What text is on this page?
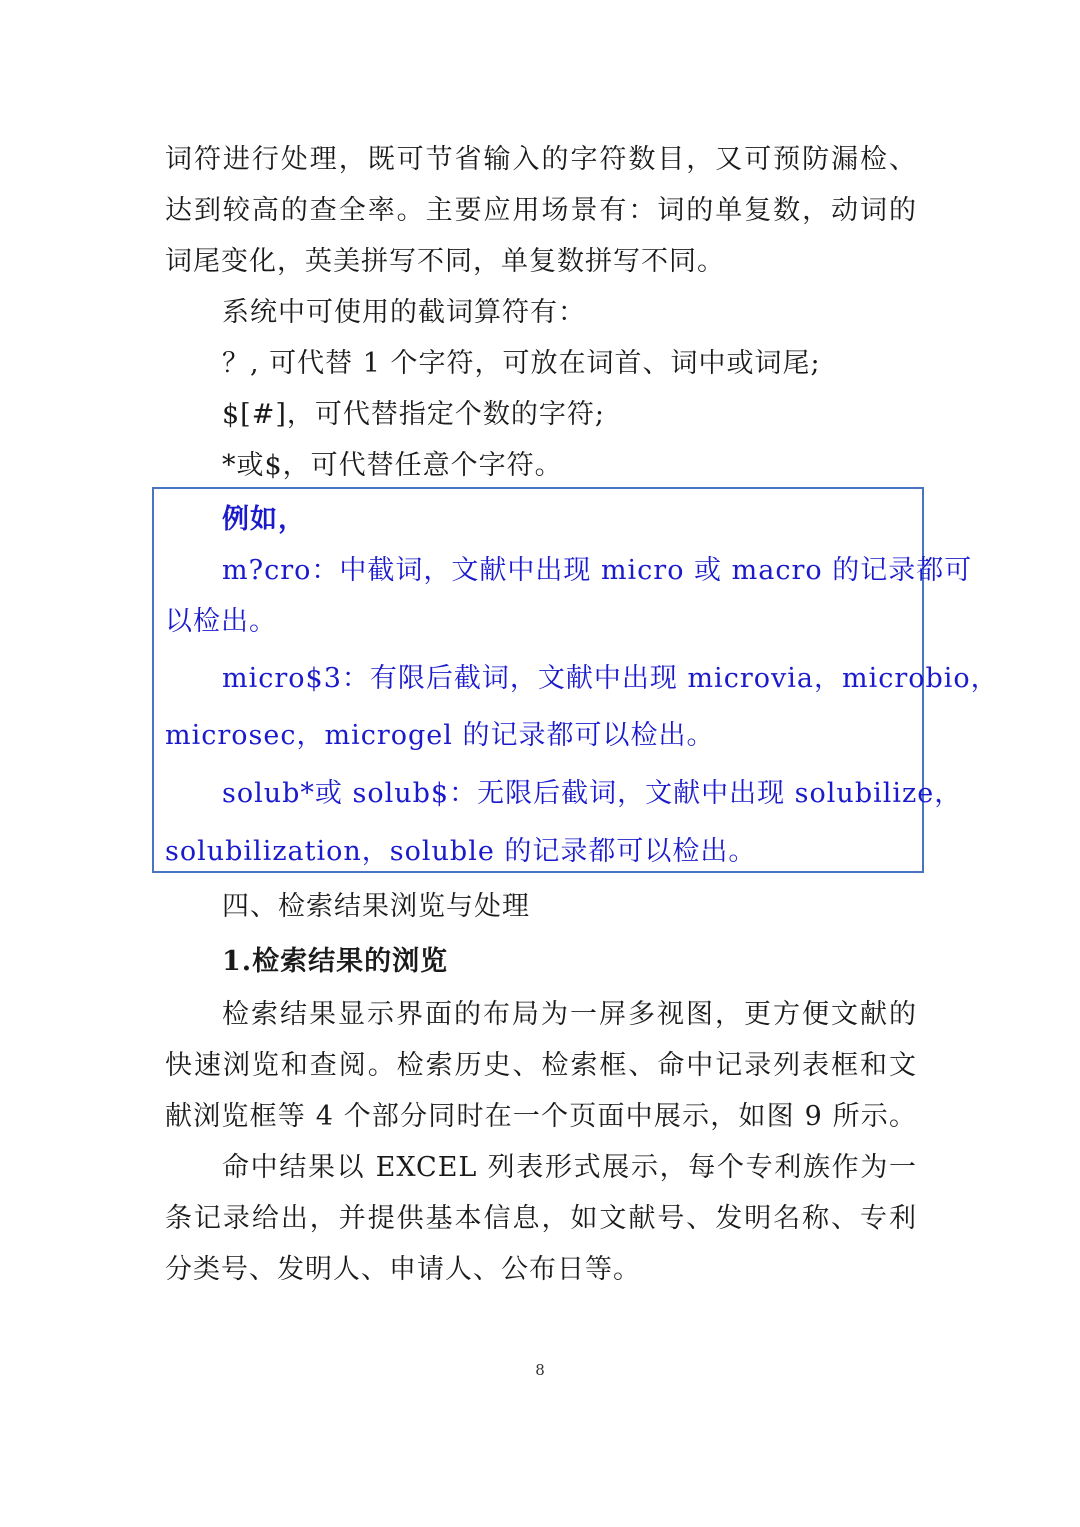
词符进行处理，既可节省输入的字符数目，又可预防漏检、
达到较高的查全率。主要应用场景有：词的单复数，动词的
词尾变化，英美拼写不同，单复数拼写不同。
系统中可使用的截词算符有：
？, 可代替 1 个字符，可放在词首、词中或词尾;
$[#]，可代替指定个数的字符;
*或$，可代替任意个字符。
例如，
m?cro：中截词，文献中出现 micro 或 macro 的记录都可
以检出。
micro$3：有限后截词，文献中出现 microvia，microbio，
microsec，microgel 的记录都可以检出。
solub*或 solub$：无限后截词，文献中出现 solubilize，
solubilization，soluble 的记录都可以检出。
四、检索结果浏览与处理
1.检索结果的浏览
检索结果显示界面的布局为一屏多视图，更方便文献的
快速浏览和查阅。检索历史、检索框、命中记录列表框和文
献浏览框等 4 个部分同时在一个页面中展示，如图 9 所示。
命中结果以 EXCEL 列表形式展示，每个专利族作为一
条记录给出，并提供基本信息，如文献号、发明名称、专利
分类号、发明人、申请人、公布日等。
8
